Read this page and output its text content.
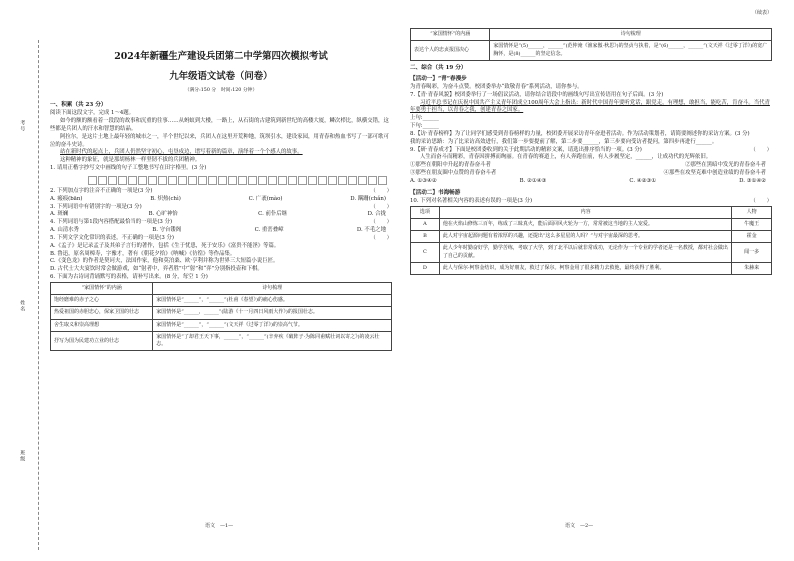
考号
姓名
班级
2024年新疆生产建设兵团第二中学第四次模拟考试
九年级语文试卷（问卷）
（满分:150 分　时间:120 分钟）
一、积累（共 23 分）

阅读下面这段文字，完成 1～4题。

如今的额的额看着一段段的故事和沉重的往事……从蚂蚁到大楼，一路上，从石街的古建筑到新世纪的高楼大厦，鳞次栉比，纵横交错，这些都是兵团人的汗水和智慧的结晶。

阿拉尔，是这片土地上最年轻的城市之一，半个世纪以来，兵团人在这里开荒种地，筑坝引水，建设家园，用青春和热血书写了一部可歌可泣的奋斗史诗。

站在新时代的起点上，兵团人仍然坚守初心，屯垦戍边，谱写着新的篇章，演绎着一个个感人的故事。

这种精神的象征，就是那胡杨林一样坚韧不拔的兵团精神。

1. 请用正楷字抄写文中画线的句子工整地书写在田字格里。(3 分)

2. 下列加点字的注音不正确的一项是(3 分)	（　　）

A. 瘢痕(bān)	B. 炽热(chì)	C. 广袤(mào)	D. 蹒跚(chǎn)

3. 下列词语中有错别字的一项是(3 分)	（　　）

A. 斑斓	B. 心旷神怡	C. 前仆后继	D. 合拢

4. 下列词语与第1段内容搭配最恰当的一项是(3 分)	（　　）

A. 山清水秀	B. 守台镂阁	C. 重峦叠嶂	D. 不毛之地

5. 下列文学文化常识的表述，不正确的一项是(3 分)	（　　）

A.《孟子》是记录孟子及其弟子言行的著作，包括《生于忧患，死于安乐》《富贵不能淫》等篇。

B. 鲁迅，原名周樟寿，字豫才，著有《朝花夕拾》《呐喊》《彷徨》等作品集。

C.《变色龙》的作者是契诃夫，法国作家，他和莫泊桑、欧·亨利并称为世界三大短篇小说巨匠。

D. 古代士大夫宴饮时常会做游戏，如“射者中，弈者胜”中“射”和“弈”分别指投壶和下棋。

6. 下面为古诗词背诵默写的表格，请补写出来。(8 分，每空 1 分)

“家国情怀”的内涵	诗句梳理
饱经磨难的赤子之心	家国情怀是“______”，“______”(杜甫《春望》)的痛心伤感。
热爱祖国的赤胆忠心，保家卫国的壮志	家国情怀是“______，______”(陆游《十一月四日风雨大作》)的报国壮志。
舍生取义和崇高理想	家国情怀是“______”，“______”(文天祥《过零丁洋》)的崇高气节。
抒写为国为民建功立业的壮志	家国情怀是“了却君王天下事，______”，“______”(辛弃疾《破阵子·为陈同甫赋壮词以寄之》)的凌云壮志。
语文　—1—
（续表）
“家国情怀”的内涵	诗句梳理
表达个人的忠贞报国决心	家国情怀是“(5)______，______”(范仲淹《渔家傲·秋思》)的坚贞与执着，是“(6)______，______”(文天祥《过零丁洋》)的宽广胸怀，是(8)______的坚定信念。
二、综合（共 19 分）
【活动一】“青”春漫步

为青春喝彩，为奋斗点赞。校团委举办“致敬青春”系列活动，请你参与。

7.【青·青春风貌】校团委举行了一场倡议活动，请你结合语段中的画线句写出宣传语用在句子后面。(3 分)

习近平总书记在庆祝中国共产主义青年团成立100周年大会上指出：新时代中国青年要听党话，跟党走，有理想，敢担当，能吃苦，肯奋斗。当代青年要勇于担当，以青春之我，创建青春之国家。

上句:______

下句:______

8.【访·青春榜样】为了让同学们感受到青春榜样的力量，校团委开展采访青年奋进者活动。作为活动策划者，请简要阐述你的采访方案。(3 分)

我的采访思路：为了比采访高效进行，我们第一步要提前了解，第二步要______，第三步要向受访者提问，第四步再进行______。

9.【研·青春成才】下面是校团委收到的关于此期活动的精彩文案，请选出排序恰当的一项。(3 分)	（　　）

人生而奋斗而精彩，青春因拼搏而绚丽。在青春的赛道上，有人奔跑在前，有人步履坚定，______，让成功代的光辉依旧。

①那些在朝阳中升起的青春奋斗者	②那些在黑暗中发光的青春奋斗者
③那些在朋友圈中点赞的青春奋斗者	④那些在攻坚克难中创造业绩的青春奋斗者
A. ①③④②	B. ②①④③	C. ④②③①	D. ③①④②
【活动二】书海畅游

10. 下列对名著相关内容的表述有误的一项是(3 分)	（　　）

选项	内容	人物
A	他在火焰山修炼三百年，练成了三昧真火，能后面回风火轮为一方，常常被这当地的主人宠爱。	牛魔王
B	此人对宇宙起源问题有着浓厚的兴趣，还提出“这么多星星的人吗？”与对宇宙最深的思考。	霍金
C	此人少年时勤奋好学，勤学苦练，考取了大学，到了北平以后就非常成功，无论作为一个专业的学者还是一名教授，都对社会做出了自己的贡献。	闻一多
D	此人与保尔·柯察金结识，成为好朋友，救过了保尔。柯察金用了很多精力去救他，最终获得了胜利。	朱赫来
语文　—2—
